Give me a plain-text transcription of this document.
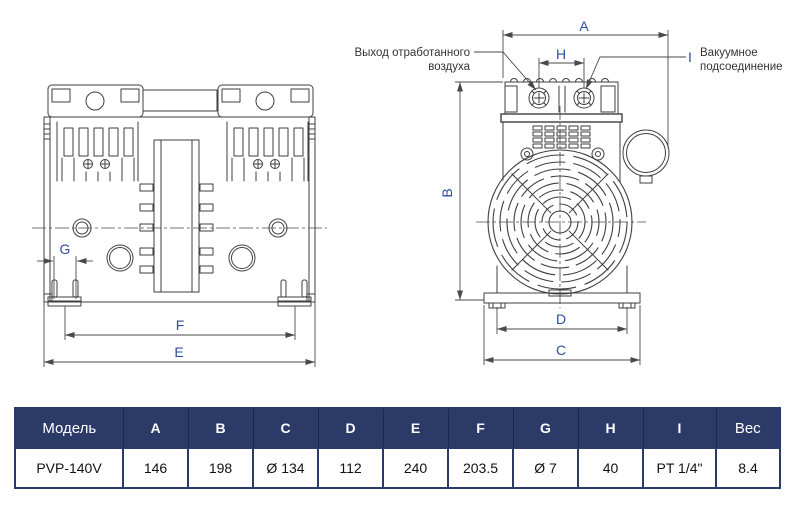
G
F
E
A
H
B
D
C
Выход отработанного
воздуха
I Вакуумное
подсоединение
Модель	A	B	C	D	E	F	G	H	I	Вес
PVP-140V	146	198	Ø 134	112	240	203.5	Ø 7	40	PT 1/4"	8.4
